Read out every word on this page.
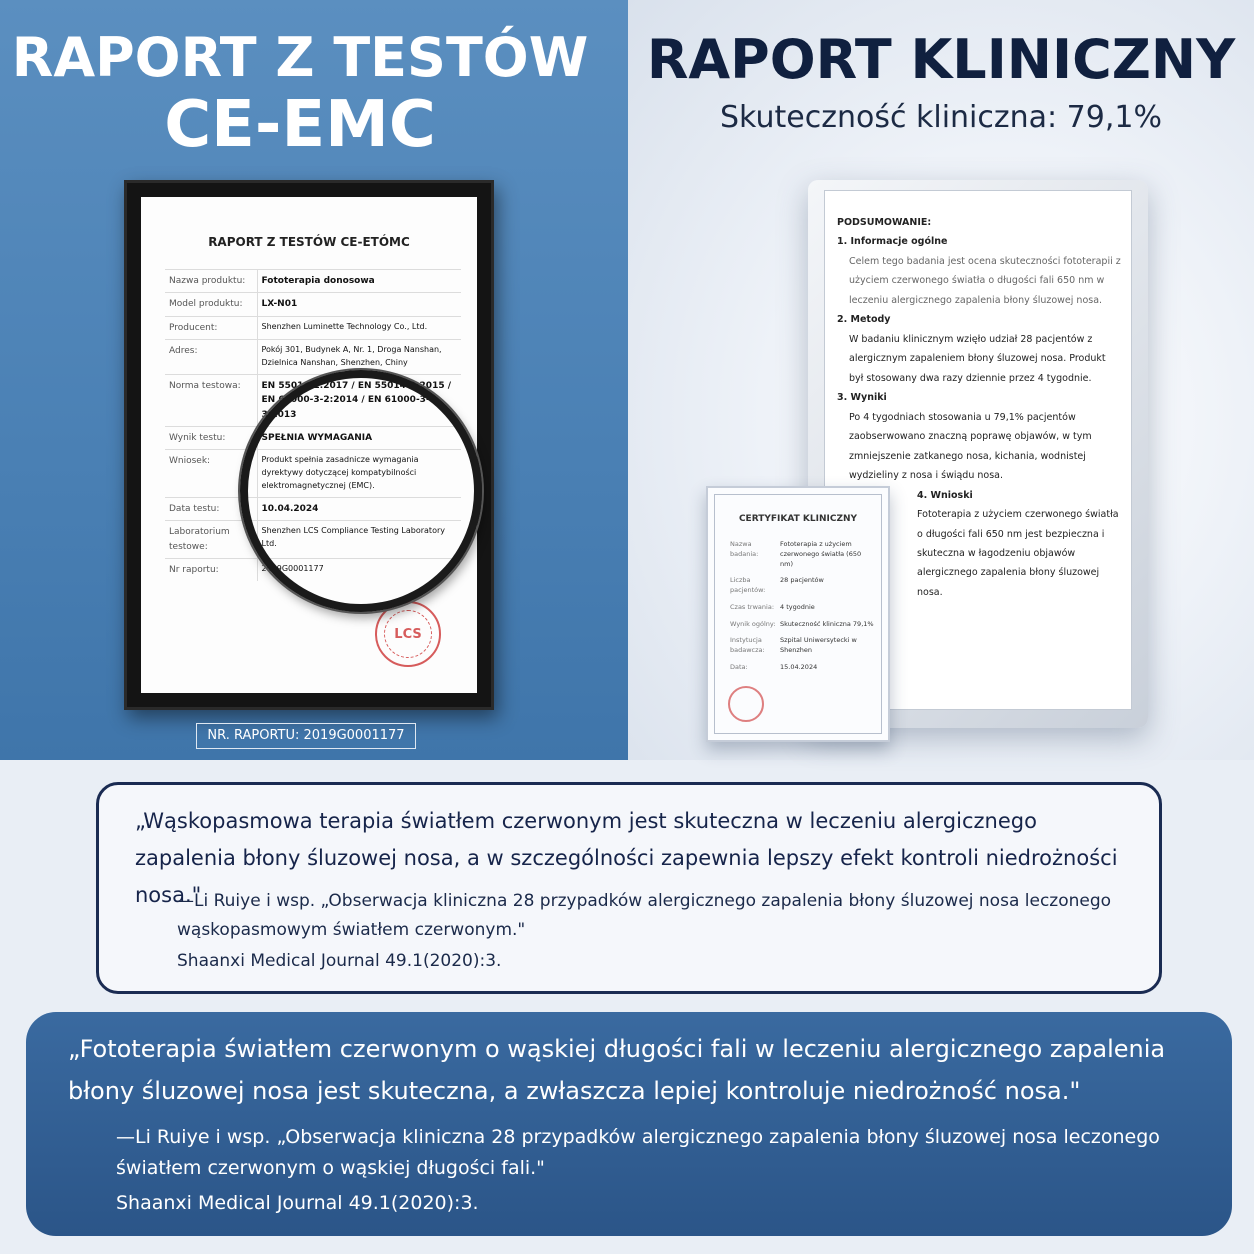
RAPORT Z TESTÓW
CE-EMC
RAPORT KLINICZNY
Skuteczność kliniczna: 79,1%
RAPORT Z TESTÓW CE-ETÓMC
Nazwa produktu:	Fototerapia donosowa
Model produktu:	LX-N01
Producent:	Shenzhen Luminette Technology Co., Ltd.
Adres:	Pokój 301, Budynek A, Nr. 1, Droga Nanshan, Dzielnica Nanshan, Shenzhen, Chiny
Norma testowa:	EN 55014-1:2017 / EN 55014-2:2015 / EN 61000-3-2:2014 / EN 61000-3-3:2013
Wynik testu:	SPEŁNIA WYMAGANIA
Wniosek:	Produkt spełnia zasadnicze wymagania dyrektywy dotyczącej kompatybilności elektromagnetycznej (EMC).
Data testu:	10.04.2024
Laboratorium testowe:	Shenzhen LCS Compliance Testing Laboratory Ltd.
Nr raportu:	2019G0001177
LCS
NR. RAPORTU: 2019G0001177
PODSUMOWANIE:
1. Informacje ogólne
Celem tego badania jest ocena skuteczności fototerapii z użyciem czerwonego światła o długości fali 650 nm w leczeniu alergicznego zapalenia błony śluzowej nosa.
2. Metody
W badaniu klinicznym wzięło udział 28 pacjentów z alergicznym zapaleniem błony śluzowej nosa. Produkt był stosowany dwa razy dziennie przez 4 tygodnie.
3. Wyniki
Po 4 tygodniach stosowania u 79,1% pacjentów zaobserwowano znaczną poprawę objawów, w tym zmniejszenie zatkanego nosa, kichania, wodnistej wydzieliny z nosa i świądu nosa.
4. Wnioski
Fototerapia z użyciem czerwonego światła o długości fali 650 nm jest bezpieczna i skuteczna w łagodzeniu objawów alergicznego zapalenia błony śluzowej nosa.
CERTYFIKAT KLINICZNY
Nazwa badania:
Fototerapia z użyciem czerwonego światła (650 nm)
Liczba pacjentów:
28 pacjentów
Czas trwania: 4 tygodnie
Wynik ogólny: Skuteczność kliniczna 79,1%
Instytucja badawcza:
Szpital Uniwersytecki w Shenzhen
Data:	15.04.2024
„Wąskopasmowa terapia światłem czerwonym jest skuteczna w leczeniu alergicznego zapalenia błony śluzowej nosa, a w szczególności zapewnia lepszy efekt kontroli niedrożności nosa."
—Li Ruiye i wsp. „Obserwacja kliniczna 28 przypadków alergicznego zapalenia błony śluzowej nosa leczonego wąskopasmowym światłem czerwonym."
Shaanxi Medical Journal 49.1(2020):3.
„Fototerapia światłem czerwonym o wąskiej długości fali w leczeniu alergicznego zapalenia błony śluzowej nosa jest skuteczna, a zwłaszcza lepiej kontroluje niedrożność nosa."
—Li Ruiye i wsp. „Obserwacja kliniczna 28 przypadków alergicznego zapalenia błony śluzowej nosa leczonego światłem czerwonym o wąskiej długości fali."
Shaanxi Medical Journal 49.1(2020):3.
